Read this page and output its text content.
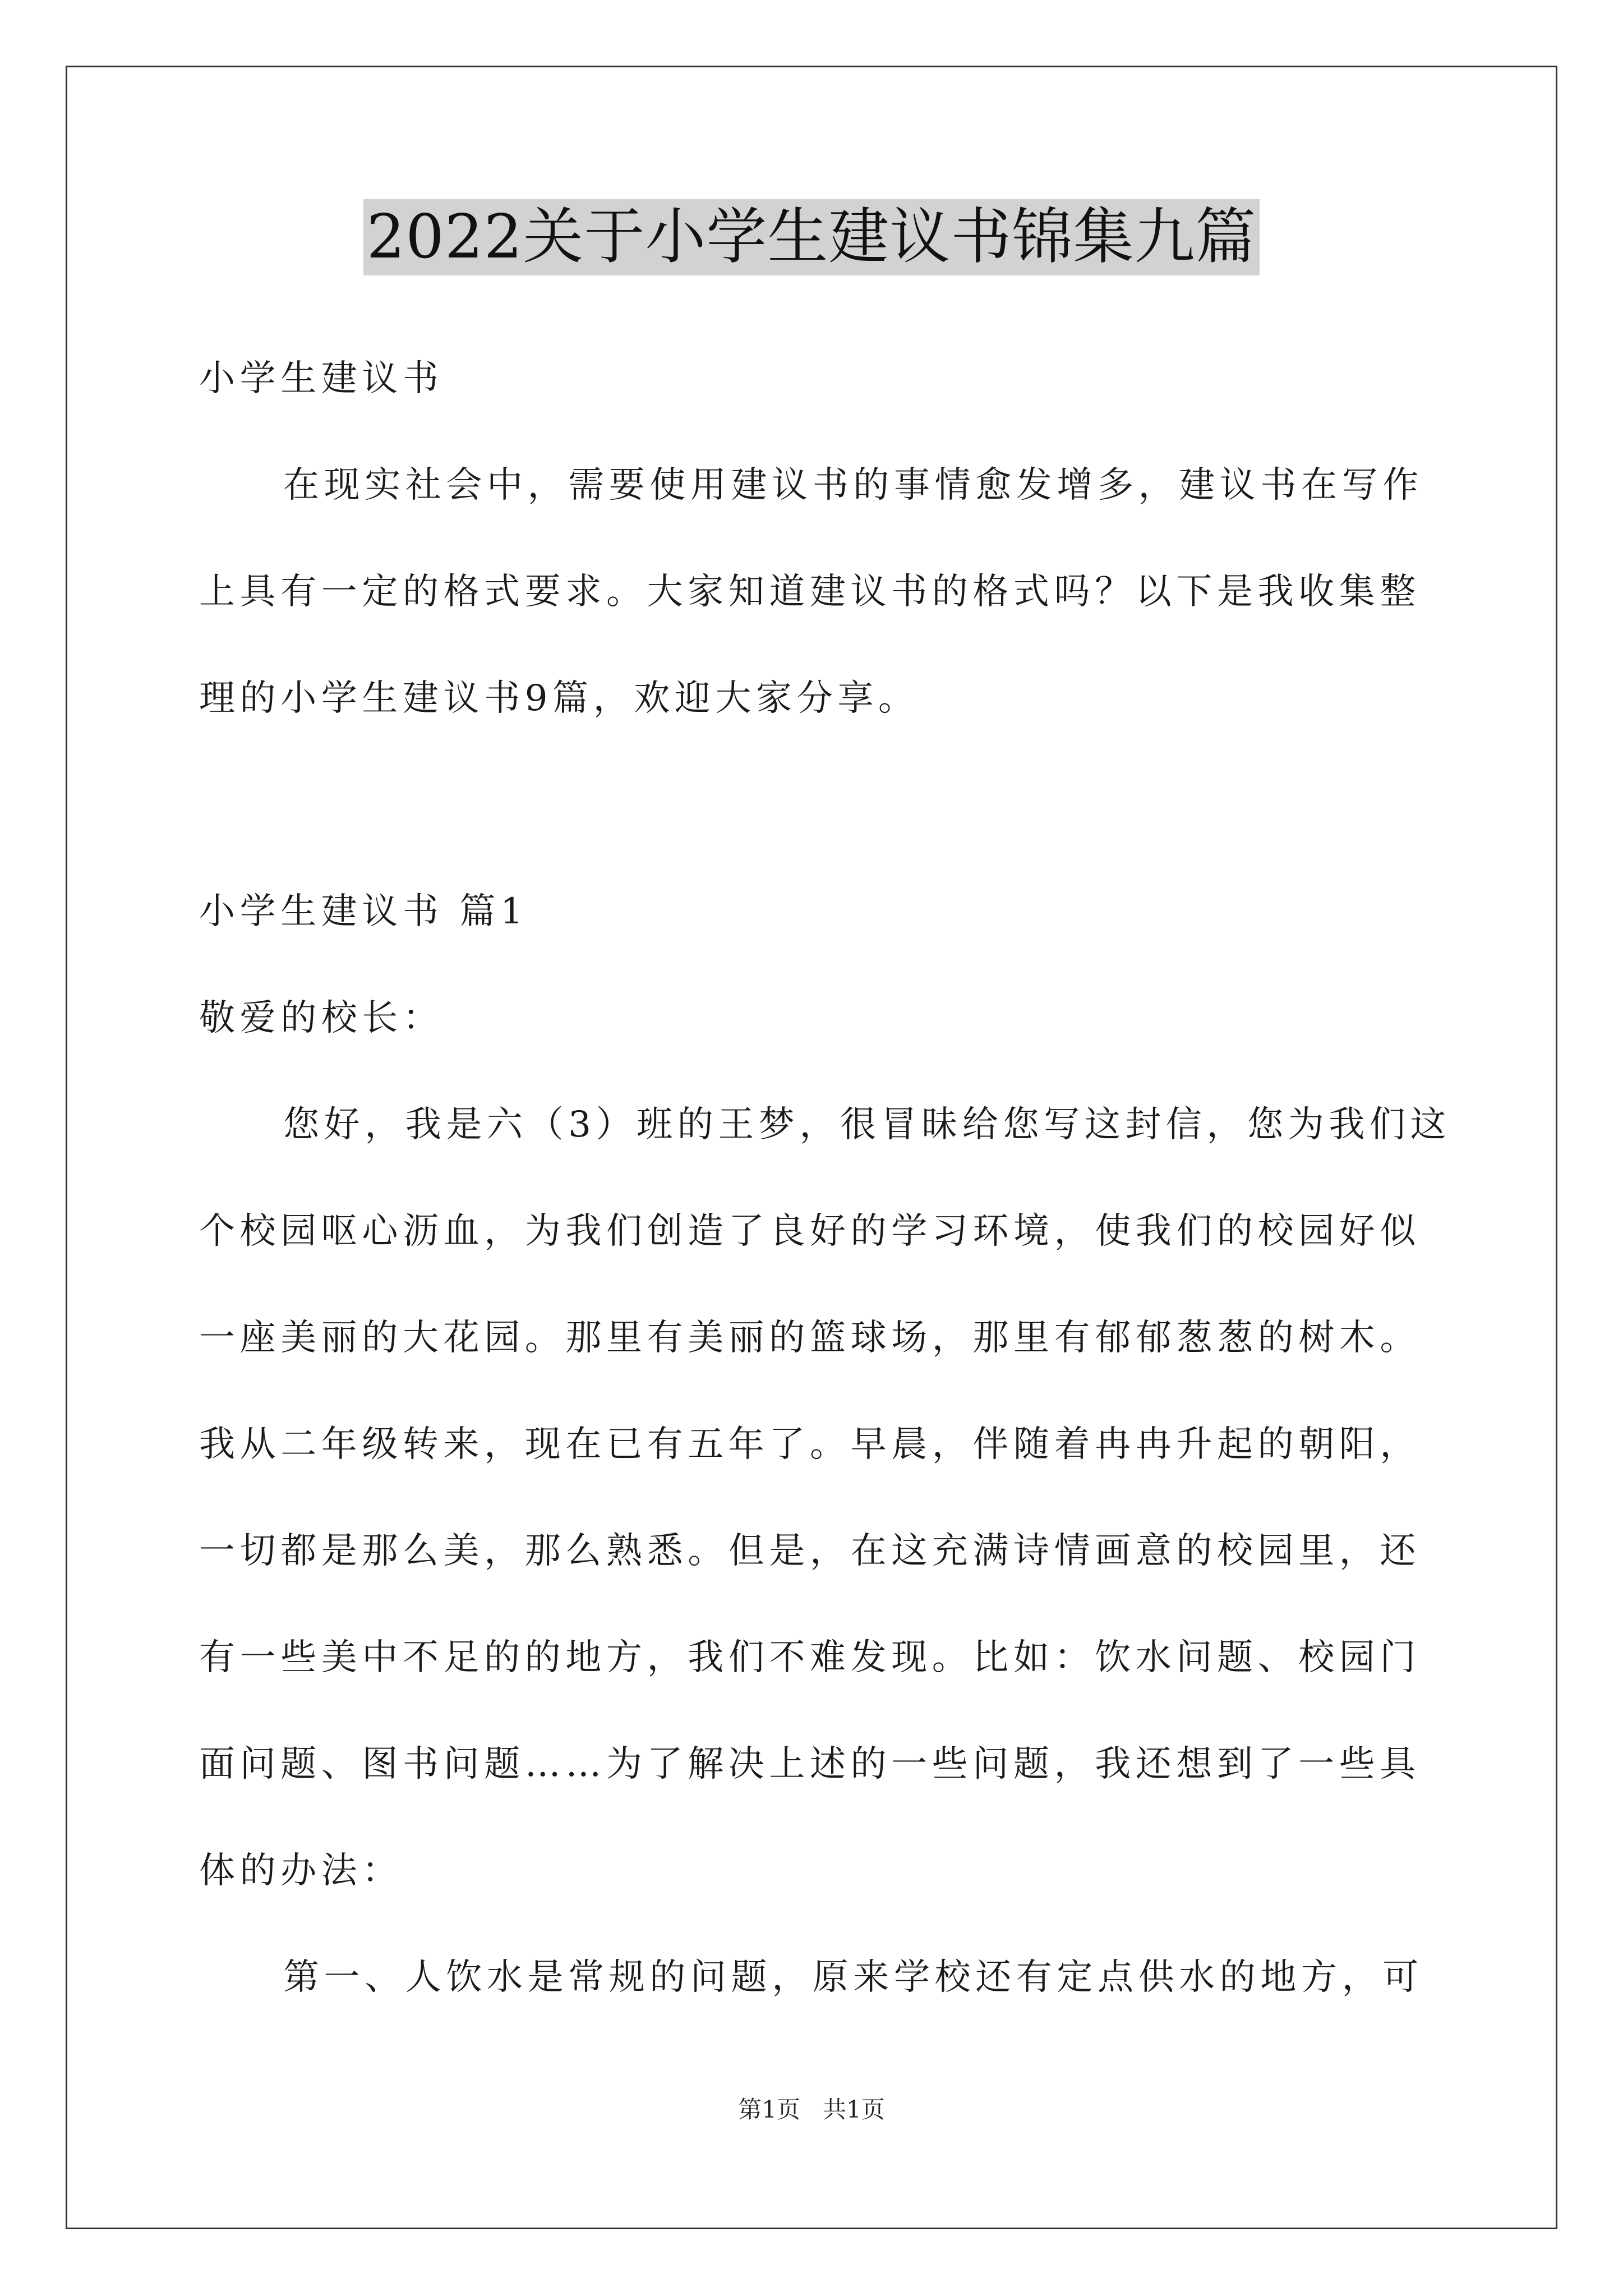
2022关于小学生建议书锦集九篇
小学生建议书
在现实社会中，需要使用建议书的事情愈发增多，建议书在写作
上具有一定的格式要求。大家知道建议书的格式吗？以下是我收集整
理的小学生建议书9篇，欢迎大家分享。
小学生建议书 篇1
敬爱的校长：
您好，我是六（3）班的王梦，很冒昧给您写这封信，您为我们这
个校园呕心沥血，为我们创造了良好的学习环境，使我们的校园好似
一座美丽的大花园。那里有美丽的篮球场，那里有郁郁葱葱的树木。
我从二年级转来，现在已有五年了。早晨，伴随着冉冉升起的朝阳，
一切都是那么美，那么熟悉。但是，在这充满诗情画意的校园里，还
有一些美中不足的的地方，我们不难发现。比如：饮水问题、校园门
面问题、图书问题……为了解决上述的一些问题，我还想到了一些具
体的办法：
第一、人饮水是常规的问题，原来学校还有定点供水的地方，可
第1页 共1页
